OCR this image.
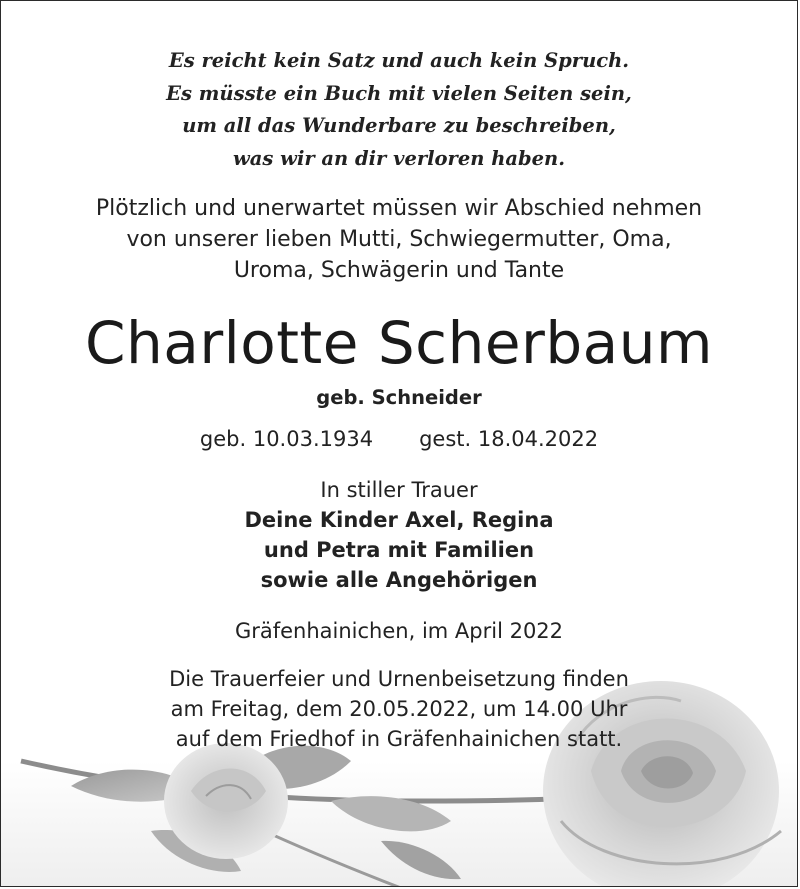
Es reicht kein Satz und auch kein Spruch.
Es müsste ein Buch mit vielen Seiten sein,
um all das Wunderbare zu beschreiben,
was wir an dir verloren haben.
Plötzlich und unerwartet müssen wir Abschied nehmen
von unserer lieben Mutti, Schwiegermutter, Oma,
Uroma, Schwägerin und Tante
Charlotte Scherbaum
geb. Schneider
geb. 10.03.1934 gest. 18.04.2022
In stiller Trauer
Deine Kinder Axel, Regina
und Petra mit Familien
sowie alle Angehörigen
Gräfenhainichen, im April 2022
Die Trauerfeier und Urnenbeisetzung finden
am Freitag, dem 20.05.2022, um 14.00 Uhr
auf dem Friedhof in Gräfenhainichen statt.
